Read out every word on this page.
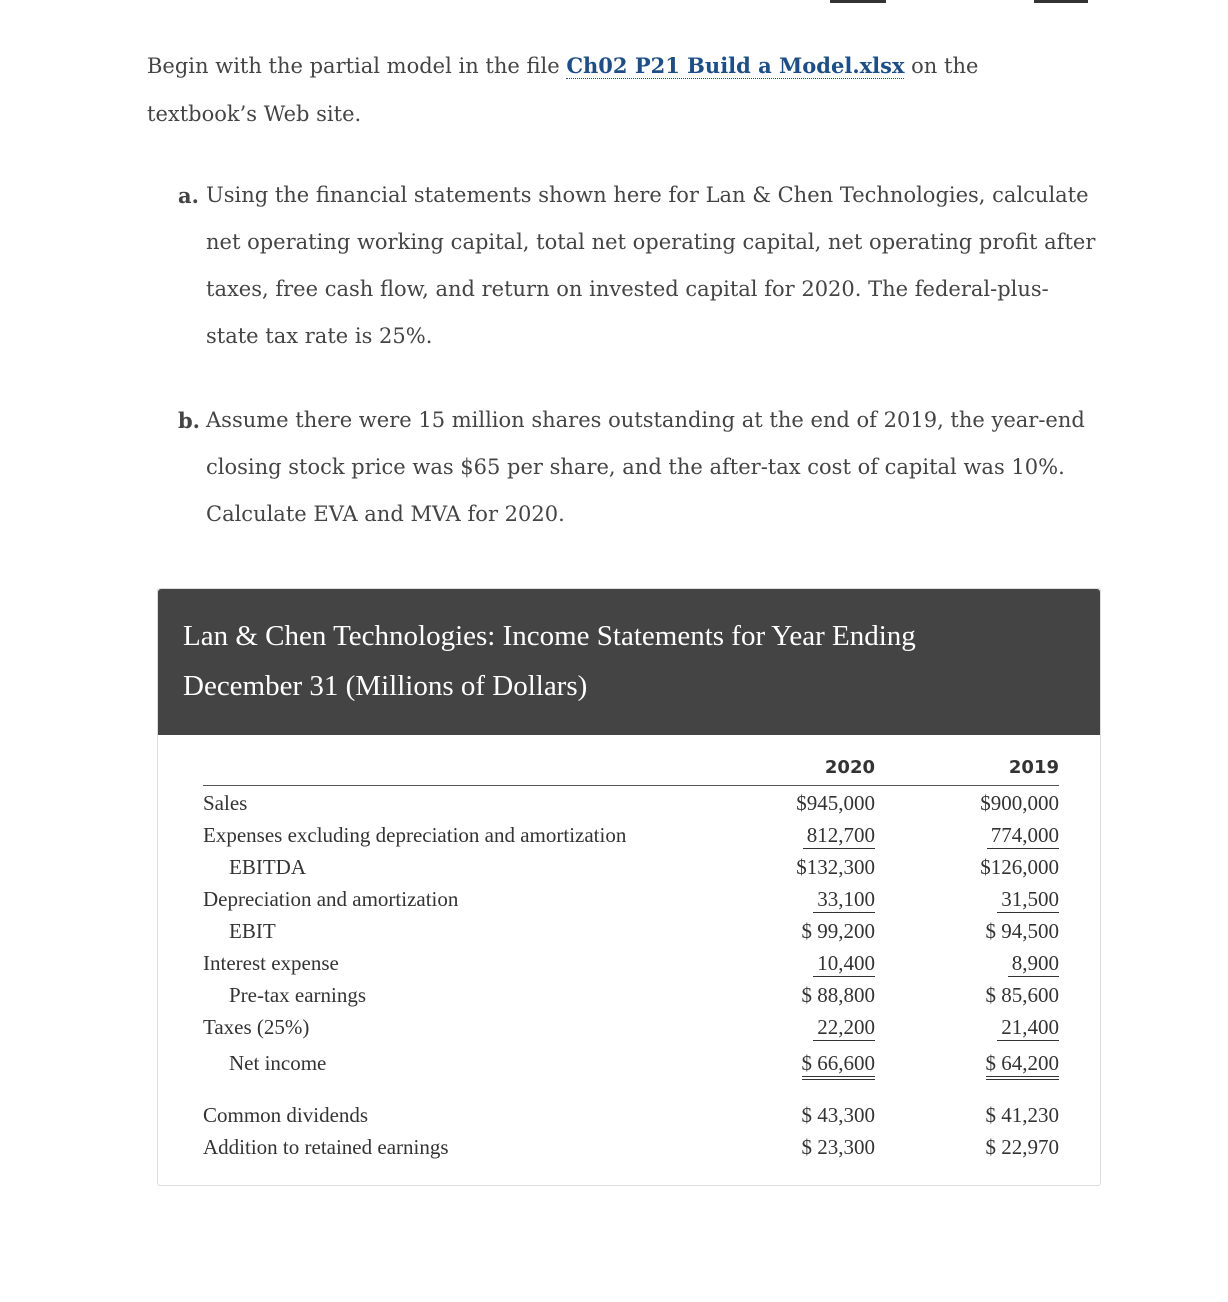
Begin with the partial model in the file Ch02 P21 Build a Model.xlsx on the textbook’s Web site.
a. Using the financial statements shown here for Lan & Chen Technologies, calculate net operating working capital, total net operating capital, net operating profit after taxes, free cash flow, and return on invested capital for 2020. The federal-plus-state tax rate is 25%.
b. Assume there were 15 million shares outstanding at the end of 2019, the year-end closing stock price was $65 per share, and the after-tax cost of capital was 10%. Calculate EVA and MVA for 2020.
Lan & Chen Technologies: Income Statements for Year Ending
December 31 (Millions of Dollars)
2020	2019
Sales	$945,000	$900,000
Expenses excluding depreciation and amortization	812,700	774,000
EBITDA	$132,300	$126,000
Depreciation and amortization	33,100	31,500
EBIT	$ 99,200	$ 94,500
Interest expense	10,400	8,900
Pre-tax earnings	$ 88,800	$ 85,600
Taxes (25%)	22,200	21,400
Net income	$ 66,600	$ 64,200
Common dividends	$ 43,300	$ 41,230
Addition to retained earnings	$ 23,300	$ 22,970
